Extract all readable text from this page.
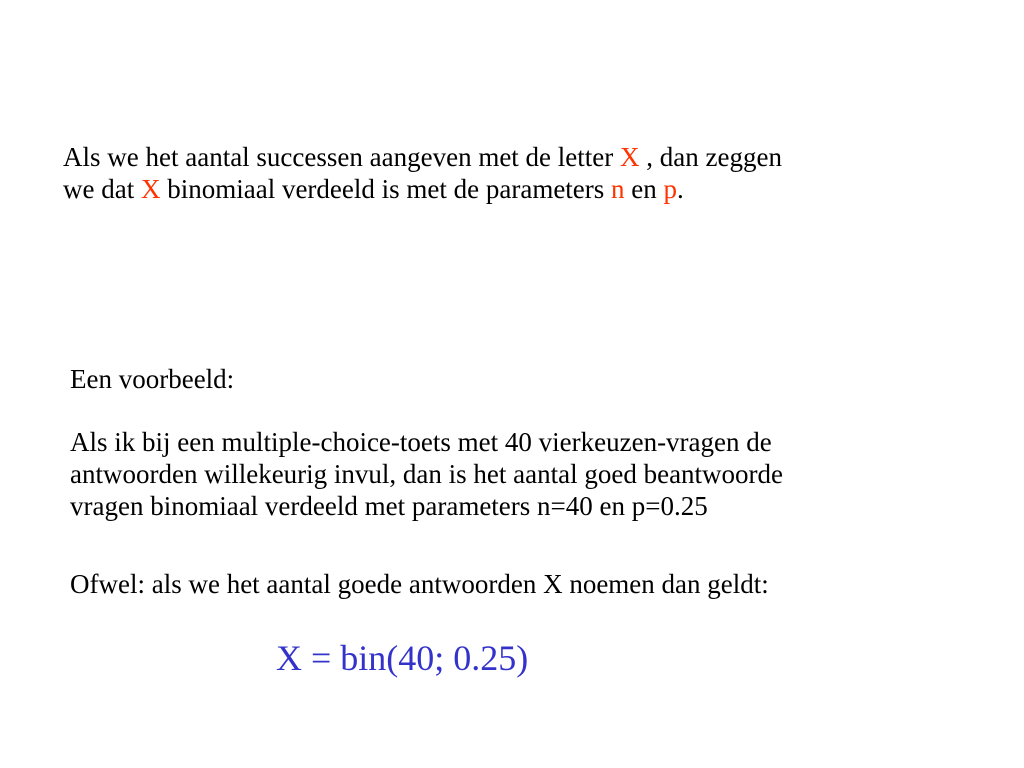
Als we het aantal successen aangeven met de letter X , dan zeggen
we dat X binomiaal verdeeld is met de parameters n en p.

Een voorbeeld:

Als ik bij een multiple-choice-toets met 40 vierkeuzen-vragen de
antwoorden willekeurig invul, dan is het aantal goed beantwoorde
vragen binomiaal verdeeld met parameters n=40 en p=0.25

Ofwel: als we het aantal goede antwoorden X noemen dan geldt:

X = bin(40; 0.25)
